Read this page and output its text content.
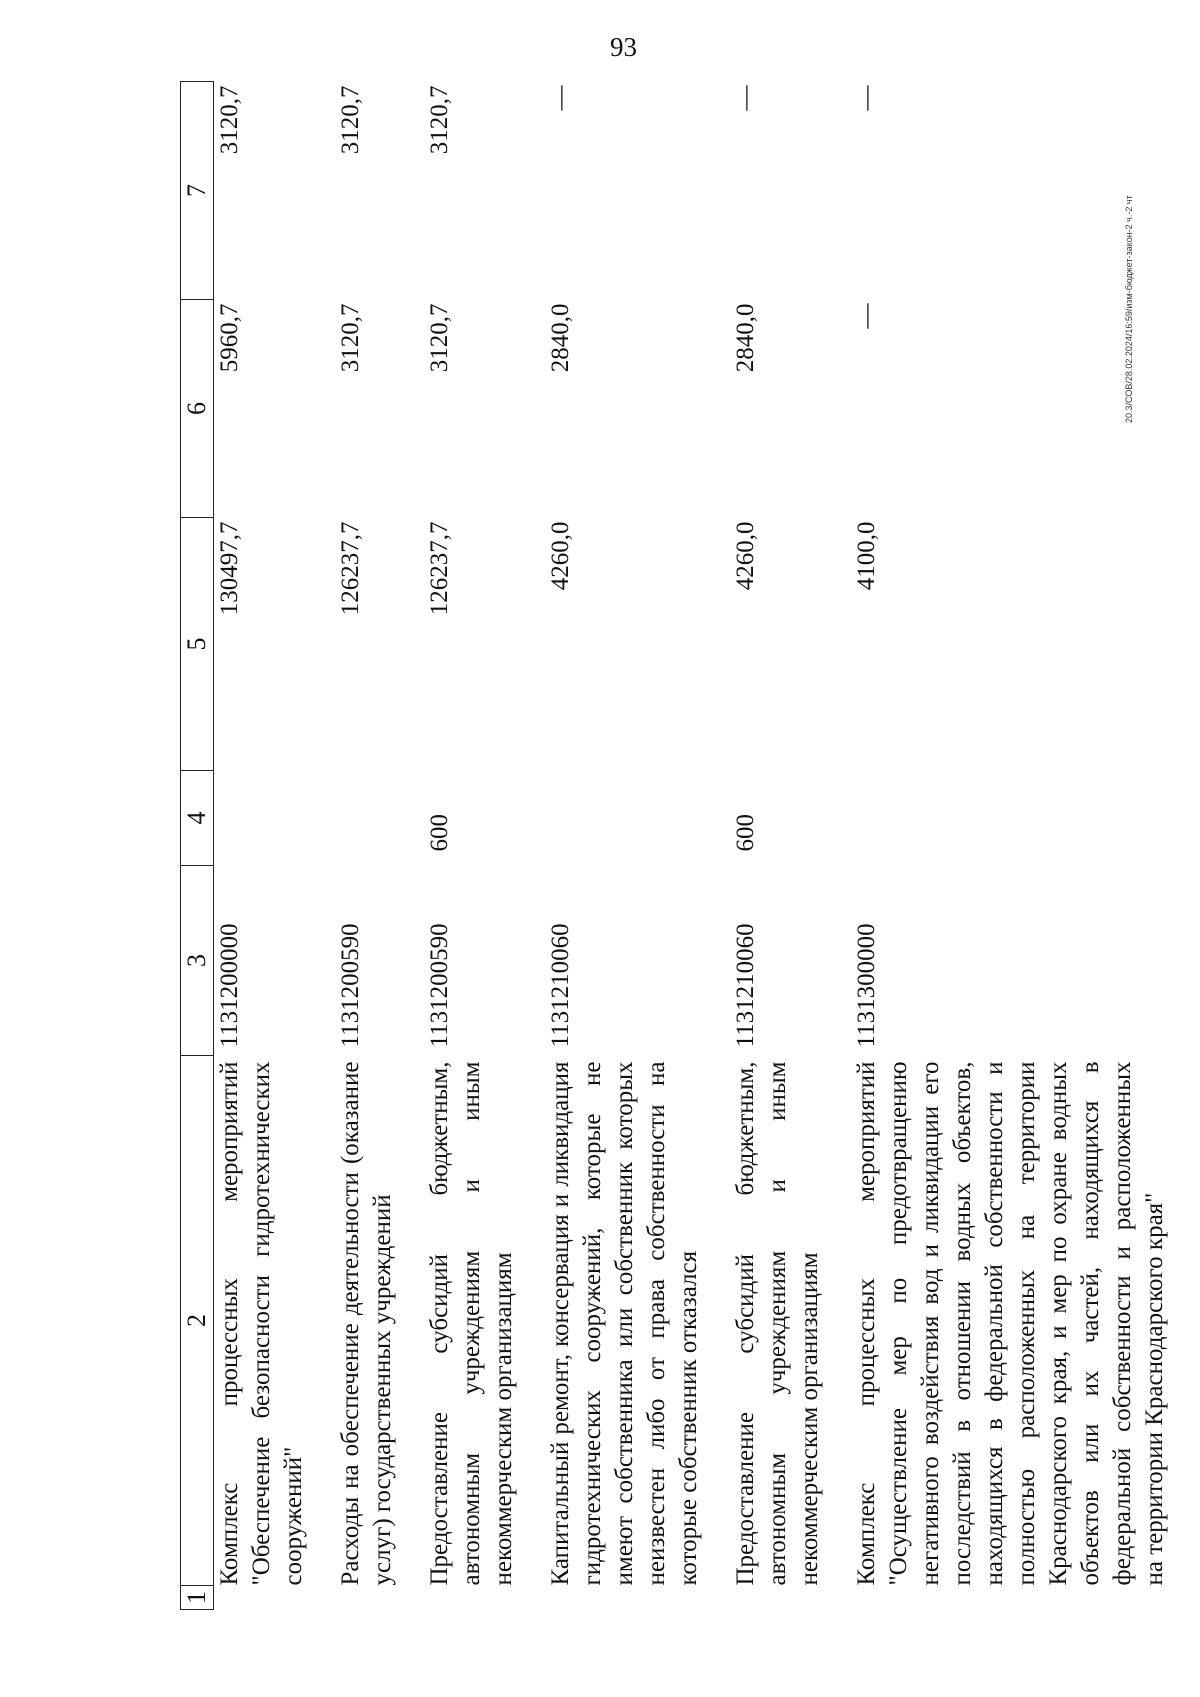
93
20.3/СОВ/28.02.2024/16:59/изм-бюджет-закон-2 ч.-2 чт
1	2	3	4	5	6	7
	Комплекс процессных мероприятий "Обеспечение безопасности гидротехнических сооружений"	1131200000		130497,7	5960,7	3120,7
	Расходы на обеспечение деятельности (оказание услуг) государственных учреждений	1131200590		126237,7	3120,7	3120,7
	Предоставление субсидий бюджетным, автономным учреждениям и иным некоммерческим организациям	1131200590	600	126237,7	3120,7	3120,7
	Капитальный ремонт, консервация и ликвидация гидротехнических сооружений, которые не имеют собственника или собственник которых неизвестен либо от права собственности на которые собственник отказался	1131210060		4260,0	2840,0	—
	Предоставление субсидий бюджетным, автономным учреждениям и иным некоммерческим организациям	1131210060	600	4260,0	2840,0	—
	Комплекс процессных мероприятий "Осуществление мер по предотвращению негативного воздействия вод и ликвидации его последствий в отношении водных объектов, находящихся в федеральной собственности и полностью расположенных на территории Краснодарского края, и мер по охране водных объектов или их частей, находящихся в федеральной собственности и расположенных на территории Краснодарского края"	1131300000		4100,0	—	—
